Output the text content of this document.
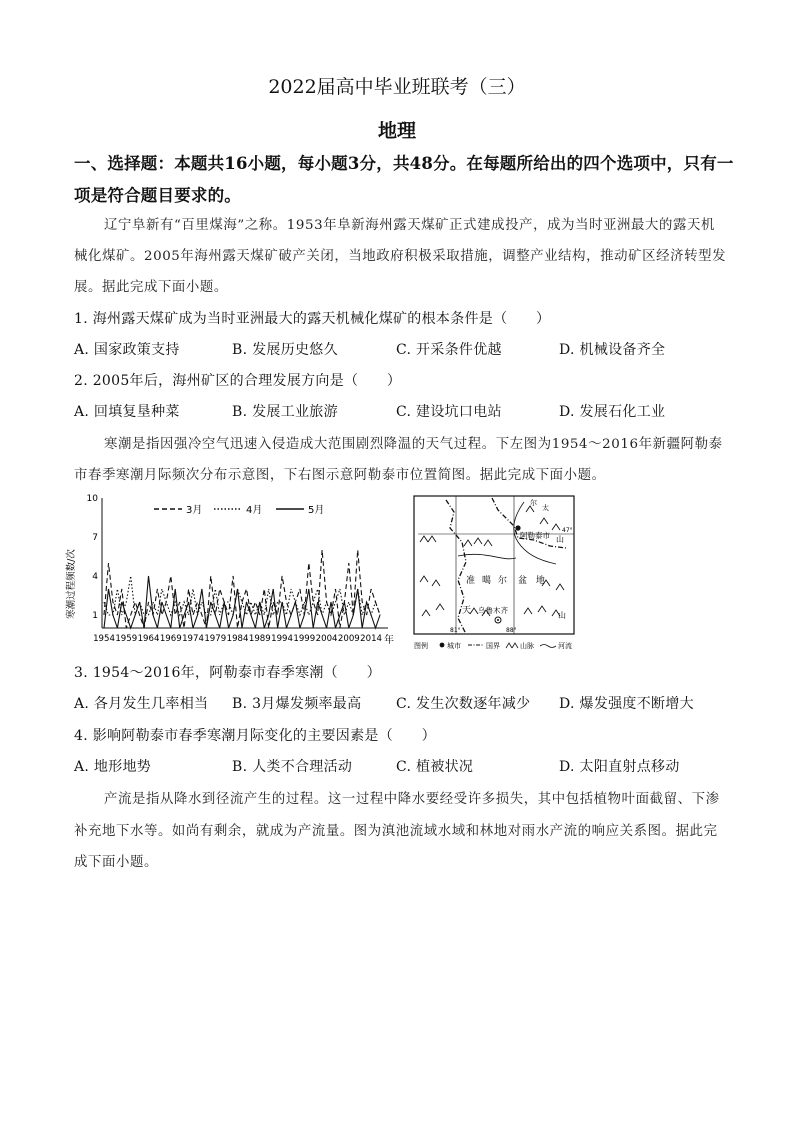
2022届高中毕业班联考（三）
地理
一、选择题：本题共16小题，每小题3分，共48分。在每题所给出的四个选项中，只有一
项是符合题目要求的。
辽宁阜新有“百里煤海”之称。1953年阜新海州露天煤矿正式建成投产，成为当时亚洲最大的露天机
械化煤矿。2005年海州露天煤矿破产关闭，当地政府积极采取措施，调整产业结构，推动矿区经济转型发
展。据此完成下面小题。
1. 海州露天煤矿成为当时亚洲最大的露天机械化煤矿的根本条件是（　　）
A. 国家政策支持	B. 发展历史悠久	C. 开采条件优越	D. 机械设备齐全
2. 2005年后，海州矿区的合理发展方向是（　　）
A. 回填复垦种菜	B. 发展工业旅游	C. 建设坑口电站	D. 发展石化工业
寒潮是指因强冷空气迅速入侵造成大范围剧烈降温的天气过程。下左图为1954～2016年新疆阿勒泰
市春季寒潮月际频次分布示意图，下右图示意阿勒泰市位置简图。据此完成下面小题。
3月	4月	5月
寒潮过程频数/次 1
4
7
10
1954 1959 1964 1969 1974 1979 1984 1989 1994 1999 2004 2009 2014 年
阿勒泰市
尔
太
山
准 噶 尔 盆 地
天 乌鲁木齐
山
47°
81°	88°
图例	城市	国界	山脉	河流
3. 1954～2016年，阿勒泰市春季寒潮（　　）
A. 各月发生几率相当 B. 3月爆发频率最高 C. 发生次数逐年减少 D. 爆发强度不断增大
4. 影响阿勒泰市春季寒潮月际变化的主要因素是（　　）
A. 地形地势	B. 人类不合理活动	C. 植被状况	D. 太阳直射点移动
产流是指从降水到径流产生的过程。这一过程中降水要经受许多损失，其中包括植物叶面截留、下渗
补充地下水等。如尚有剩余，就成为产流量。图为滇池流域水域和林地对雨水产流的响应关系图。据此完
成下面小题。
